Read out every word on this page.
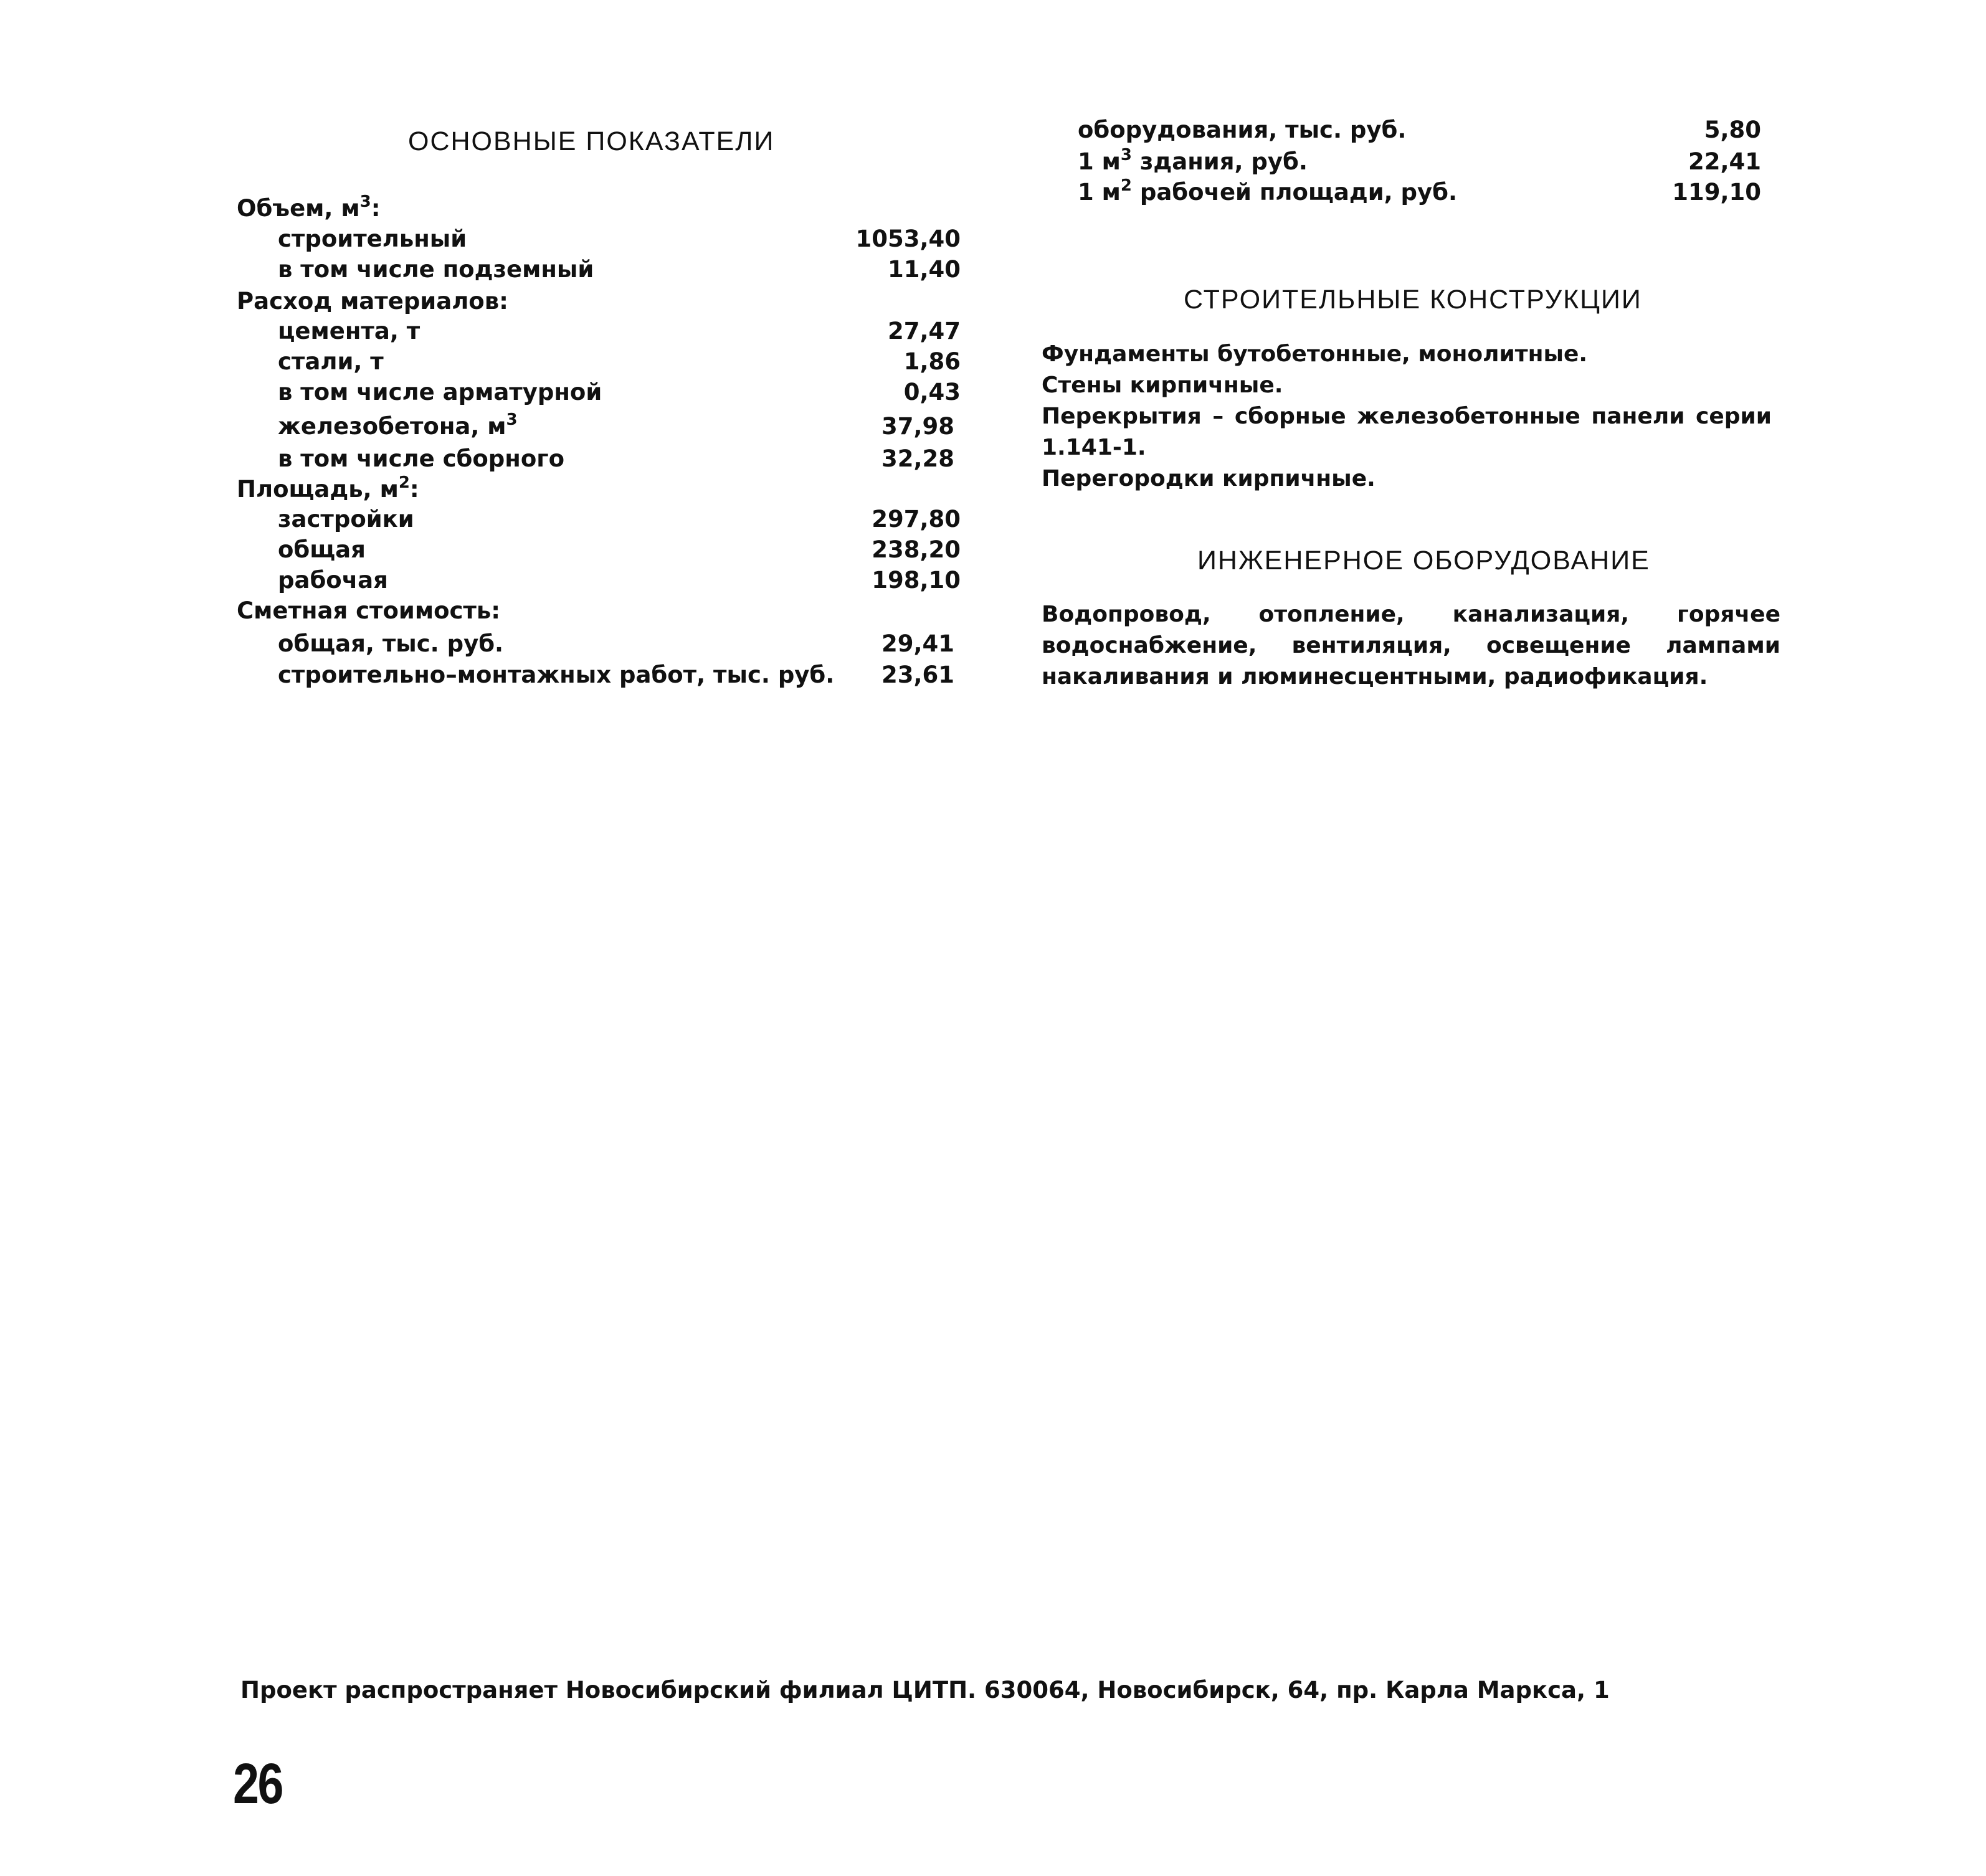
ОСНОВНЫЕ ПОКАЗАТЕЛИ
Объем, $м^3$:
строительный	1053,40
в том числе подземный	11,40
Расход материалов:
цемента, т	27,47
стали, т	1,86
в том числе арматурной	0,43
железобетона, $м^3$	37,98
в том числе сборного	32,28
Площадь, $м^2$:
застройки	297,80
общая	238,20
рабочая	198,10
Сметная стоимость:
общая, тыс. руб.	29,41
строительно–монтажных работ, тыс. руб. 23,61
оборудования, тыс. руб.	5,80
1 $м^3$ здания, руб.	22,41
1 $м^2$ рабочей площади, руб.	119,10
СТРОИТЕЛЬНЫЕ КОНСТРУКЦИИ

Фундаменты бутобетонные, монолитные.

Стены кирпичные.

Перекрытия – сборные железобетонные панели серии 1.141-1.

Перегородки кирпичные.

ИНЖЕНЕРНОЕ ОБОРУДОВАНИЕ

Водопровод, отопление, канализация, горячее водоснабжение, вентиляция, освещение лампами накаливания и люминесцентными, радиофикация.

Проект распространяет Новосибирский филиал ЦИТП. 630064, Новосибирск, 64, пр. Карла Маркса, 1
26
